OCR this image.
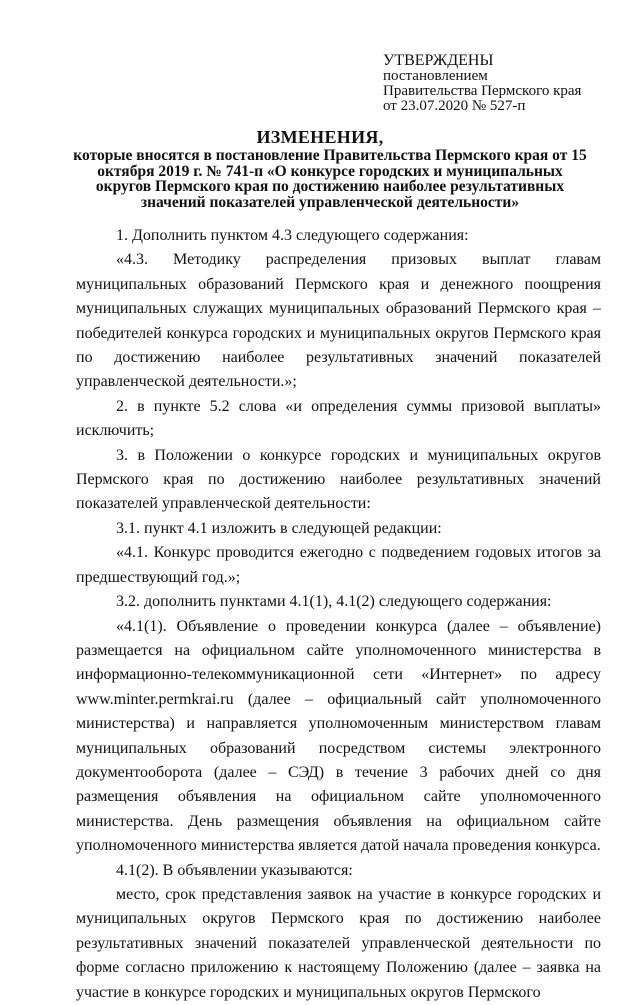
УТВЕРЖДЕНЫ
постановлением
Правительства Пермского края
от 23.07.2020 № 527-п
ИЗМЕНЕНИЯ,
которые вносятся в постановление Правительства Пермского края от 15 октября 2019 г. № 741-п «О конкурсе городских и муниципальных округов Пермского края по достижению наиболее результативных значений показателей управленческой деятельности»

1. Дополнить пунктом 4.3 следующего содержания:

«4.3. Методику распределения призовых выплат главам муниципальных образований Пермского края и денежного поощрения муниципальных служащих муниципальных образований Пермского края – победителей конкурса городских и муниципальных округов Пермского края по достижению наиболее результативных значений показателей управленческой деятельности.»;

2. в пункте 5.2 слова «и определения суммы призовой выплаты» исключить;

3. в Положении о конкурсе городских и муниципальных округов Пермского края по достижению наиболее результативных значений показателей управленческой деятельности:

3.1. пункт 4.1 изложить в следующей редакции:

«4.1. Конкурс проводится ежегодно с подведением годовых итогов за предшествующий год.»;

3.2. дополнить пунктами 4.1(1), 4.1(2) следующего содержания:

«4.1(1). Объявление о проведении конкурса (далее – объявление) размещается на официальном сайте уполномоченного министерства в информационно-телекоммуникационной сети «Интернет» по адресу www.minter.permkrai.ru (далее – официальный сайт уполномоченного министерства) и направляется уполномоченным министерством главам муниципальных образований посредством системы электронного документооборота (далее – СЭД) в течение 3 рабочих дней со дня размещения объявления на официальном сайте уполномоченного министерства. День размещения объявления на официальном сайте уполномоченного министерства является датой начала проведения конкурса.

4.1(2). В объявлении указываются:

место, срок представления заявок на участие в конкурсе городских и муниципальных округов Пермского края по достижению наиболее результативных значений показателей управленческой деятельности по форме согласно приложению к настоящему Положению (далее – заявка на участие в конкурсе городских и муниципальных округов Пермского
